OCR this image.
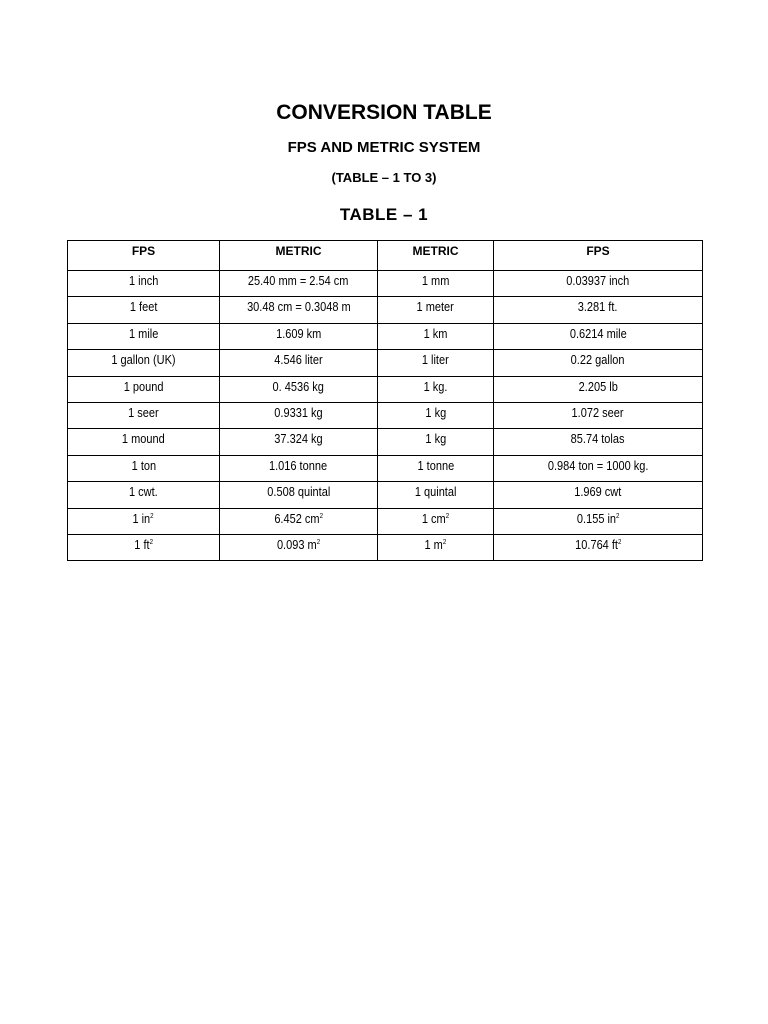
CONVERSION TABLE
FPS AND METRIC SYSTEM
(TABLE – 1 TO 3)
TABLE – 1
FPS	METRIC	METRIC	FPS
1 inch	25.40 mm = 2.54 cm	1 mm	0.03937 inch
1 feet	30.48 cm = 0.3048 m	1 meter	3.281 ft.
1 mile	1.609 km	1 km	0.6214 mile
1 gallon (UK)	4.546 liter	1 liter	0.22 gallon
1 pound	0. 4536 kg	1 kg.	2.205 lb
1 seer	0.9331 kg	1 kg	1.072 seer
1 mound	37.324 kg	1 kg	85.74 tolas
1 ton	1.016 tonne	1 tonne	0.984 ton = 1000 kg.
1 cwt.	0.508 quintal	1 quintal	1.969 cwt
1 $in^2$	6.452 $cm^2$	1 $cm^2$	0.155 $in^2$
1 $ft^2$	0.093 $m^2$	1 $m^2$	10.764 $ft^2$
